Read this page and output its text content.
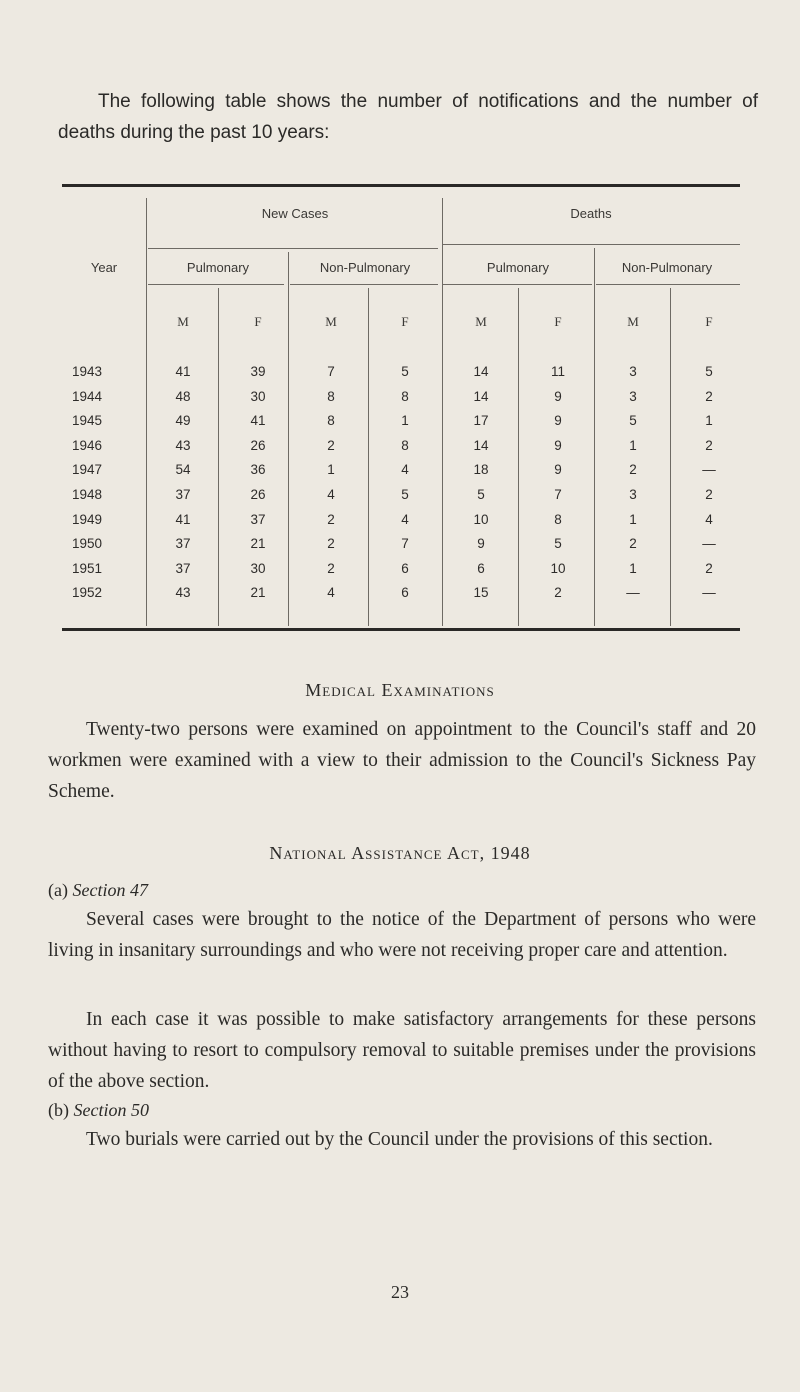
The following table shows the number of notifications and the number of deaths during the past 10 years:
Year
New Cases	Deaths
Pulmonary	Non-Pulmonary	Pulmonary	Non-Pulmonary
M	F	M	F	M	F	M	F
1943	41	39	7	5	14	11	3	5
1944	48	30	8	8	14	9	3	2
1945	49	41	8	1	17	9	5	1
1946	43	26	2	8	14	9	1	2
1947	54	36	1	4	18	9	2	—
1948	37	26	4	5	5	7	3	2
1949	41	37	2	4	10	8	1	4
1950	37	21	2	7	9	5	2	—
1951	37	30	2	6	6	10	1	2
1952	43	21	4	6	15	2	—	—
Medical Examinations
Twenty-two persons were examined on appointment to the Council's staff and 20 workmen were examined with a view to their admission to the Council's Sickness Pay Scheme.
National Assistance Act, 1948
(a) Section 47
Several cases were brought to the notice of the Department of persons who were living in insanitary surroundings and who were not receiving proper care and attention.
In each case it was possible to make satisfactory arrangements for these persons without having to resort to compulsory removal to suitable premises under the provisions of the above section.
(b) Section 50
Two burials were carried out by the Council under the provisions of this section.
23
